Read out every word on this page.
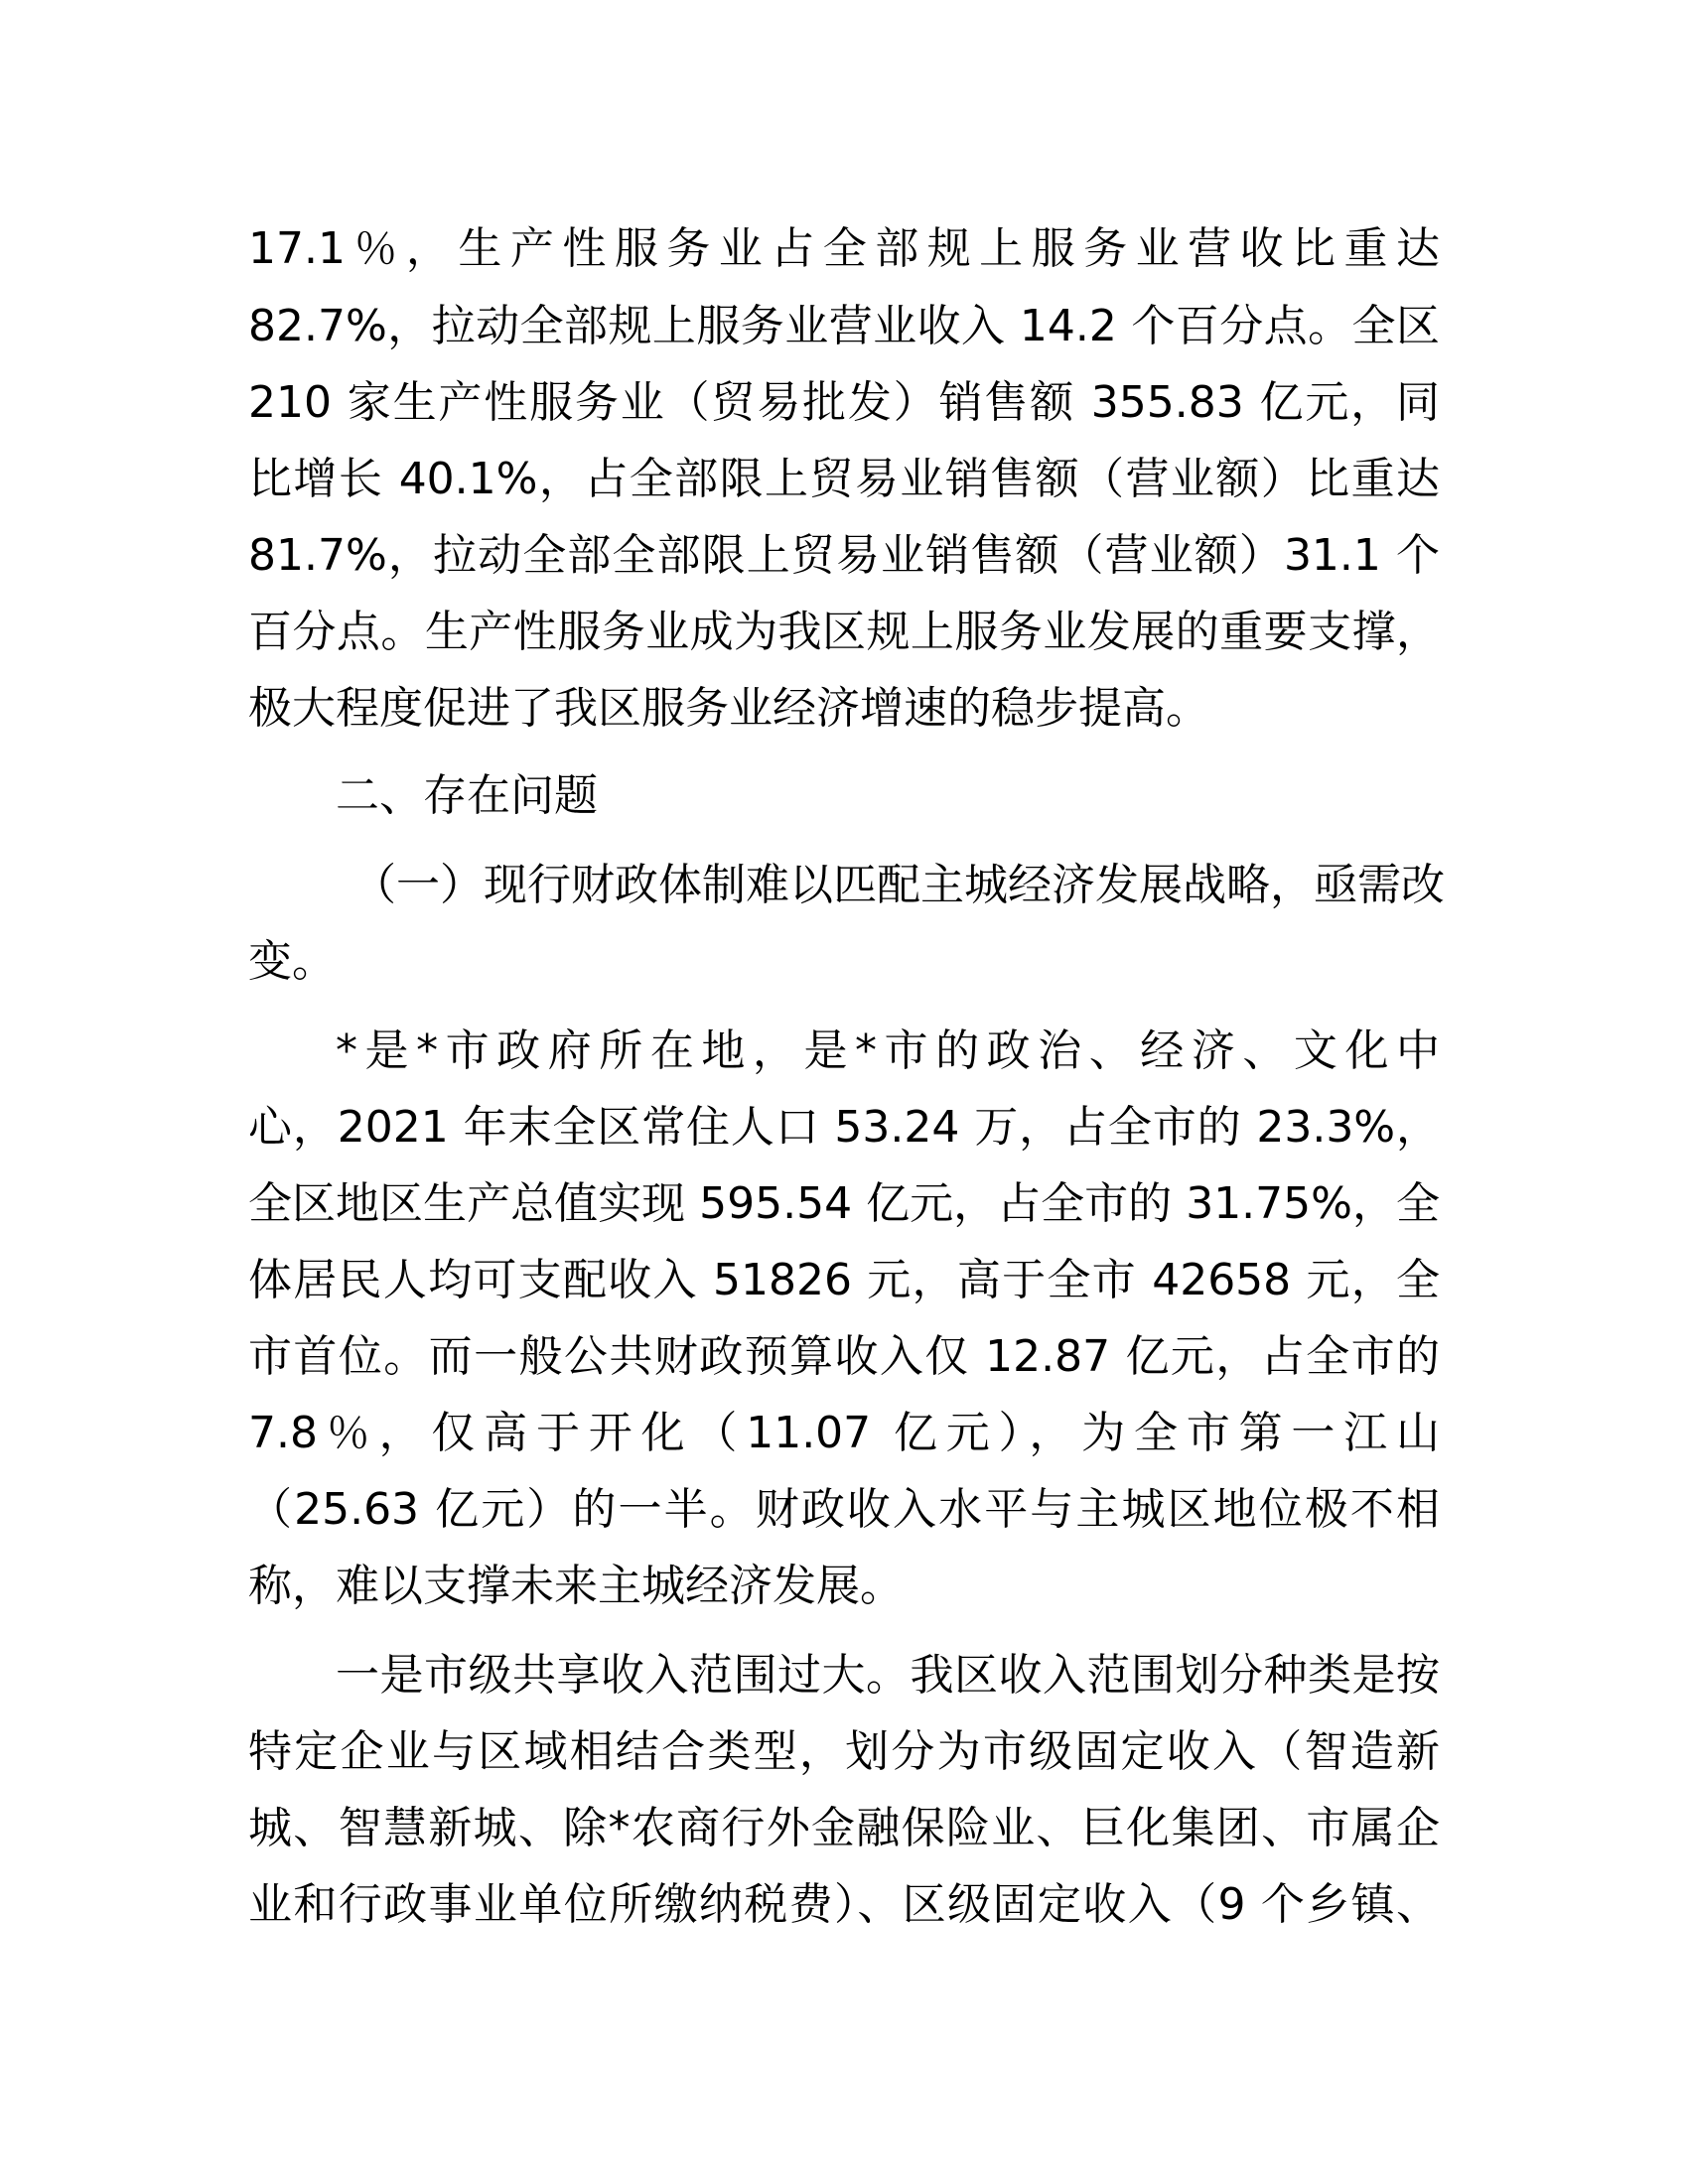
17.1％，生产性服务业占全部规上服务业营收比重达
82.7%，拉动全部规上服务业营业收入 14.2 个百分点。全区
210 家生产性服务业（贸易批发）销售额 355.83 亿元，同
比增长 40.1%，占全部限上贸易业销售额（营业额）比重达
81.7%，拉动全部全部限上贸易业销售额（营业额）31.1 个
百分点。生产性服务业成为我区规上服务业发展的重要支撑，
极大程度促进了我区服务业经济增速的稳步提高。
二、存在问题
（一）现行财政体制难以匹配主城经济发展战略，亟需改
变。
*是*市政府所在地，是*市的政治、经济、文化中
心，2021 年末全区常住人口 53.24 万，占全市的 23.3%，
全区地区生产总值实现 595.54 亿元，占全市的 31.75%，全
体居民人均可支配收入 51826 元，高于全市 42658 元，全
市首位。而一般公共财政预算收入仅 12.87 亿元，占全市的
7.8％，仅高于开化（11.07 亿元），为全市第一江山
（25.63 亿元）的一半。财政收入水平与主城区地位极不相
称，难以支撑未来主城经济发展。
一是市级共享收入范围过大。我区收入范围划分种类是按
特定企业与区域相结合类型，划分为市级固定收入（智造新
城、智慧新城、除*农商行外金融保险业、巨化集团、市属企
业和行政事业单位所缴纳税费）、区级固定收入（9 个乡镇、
